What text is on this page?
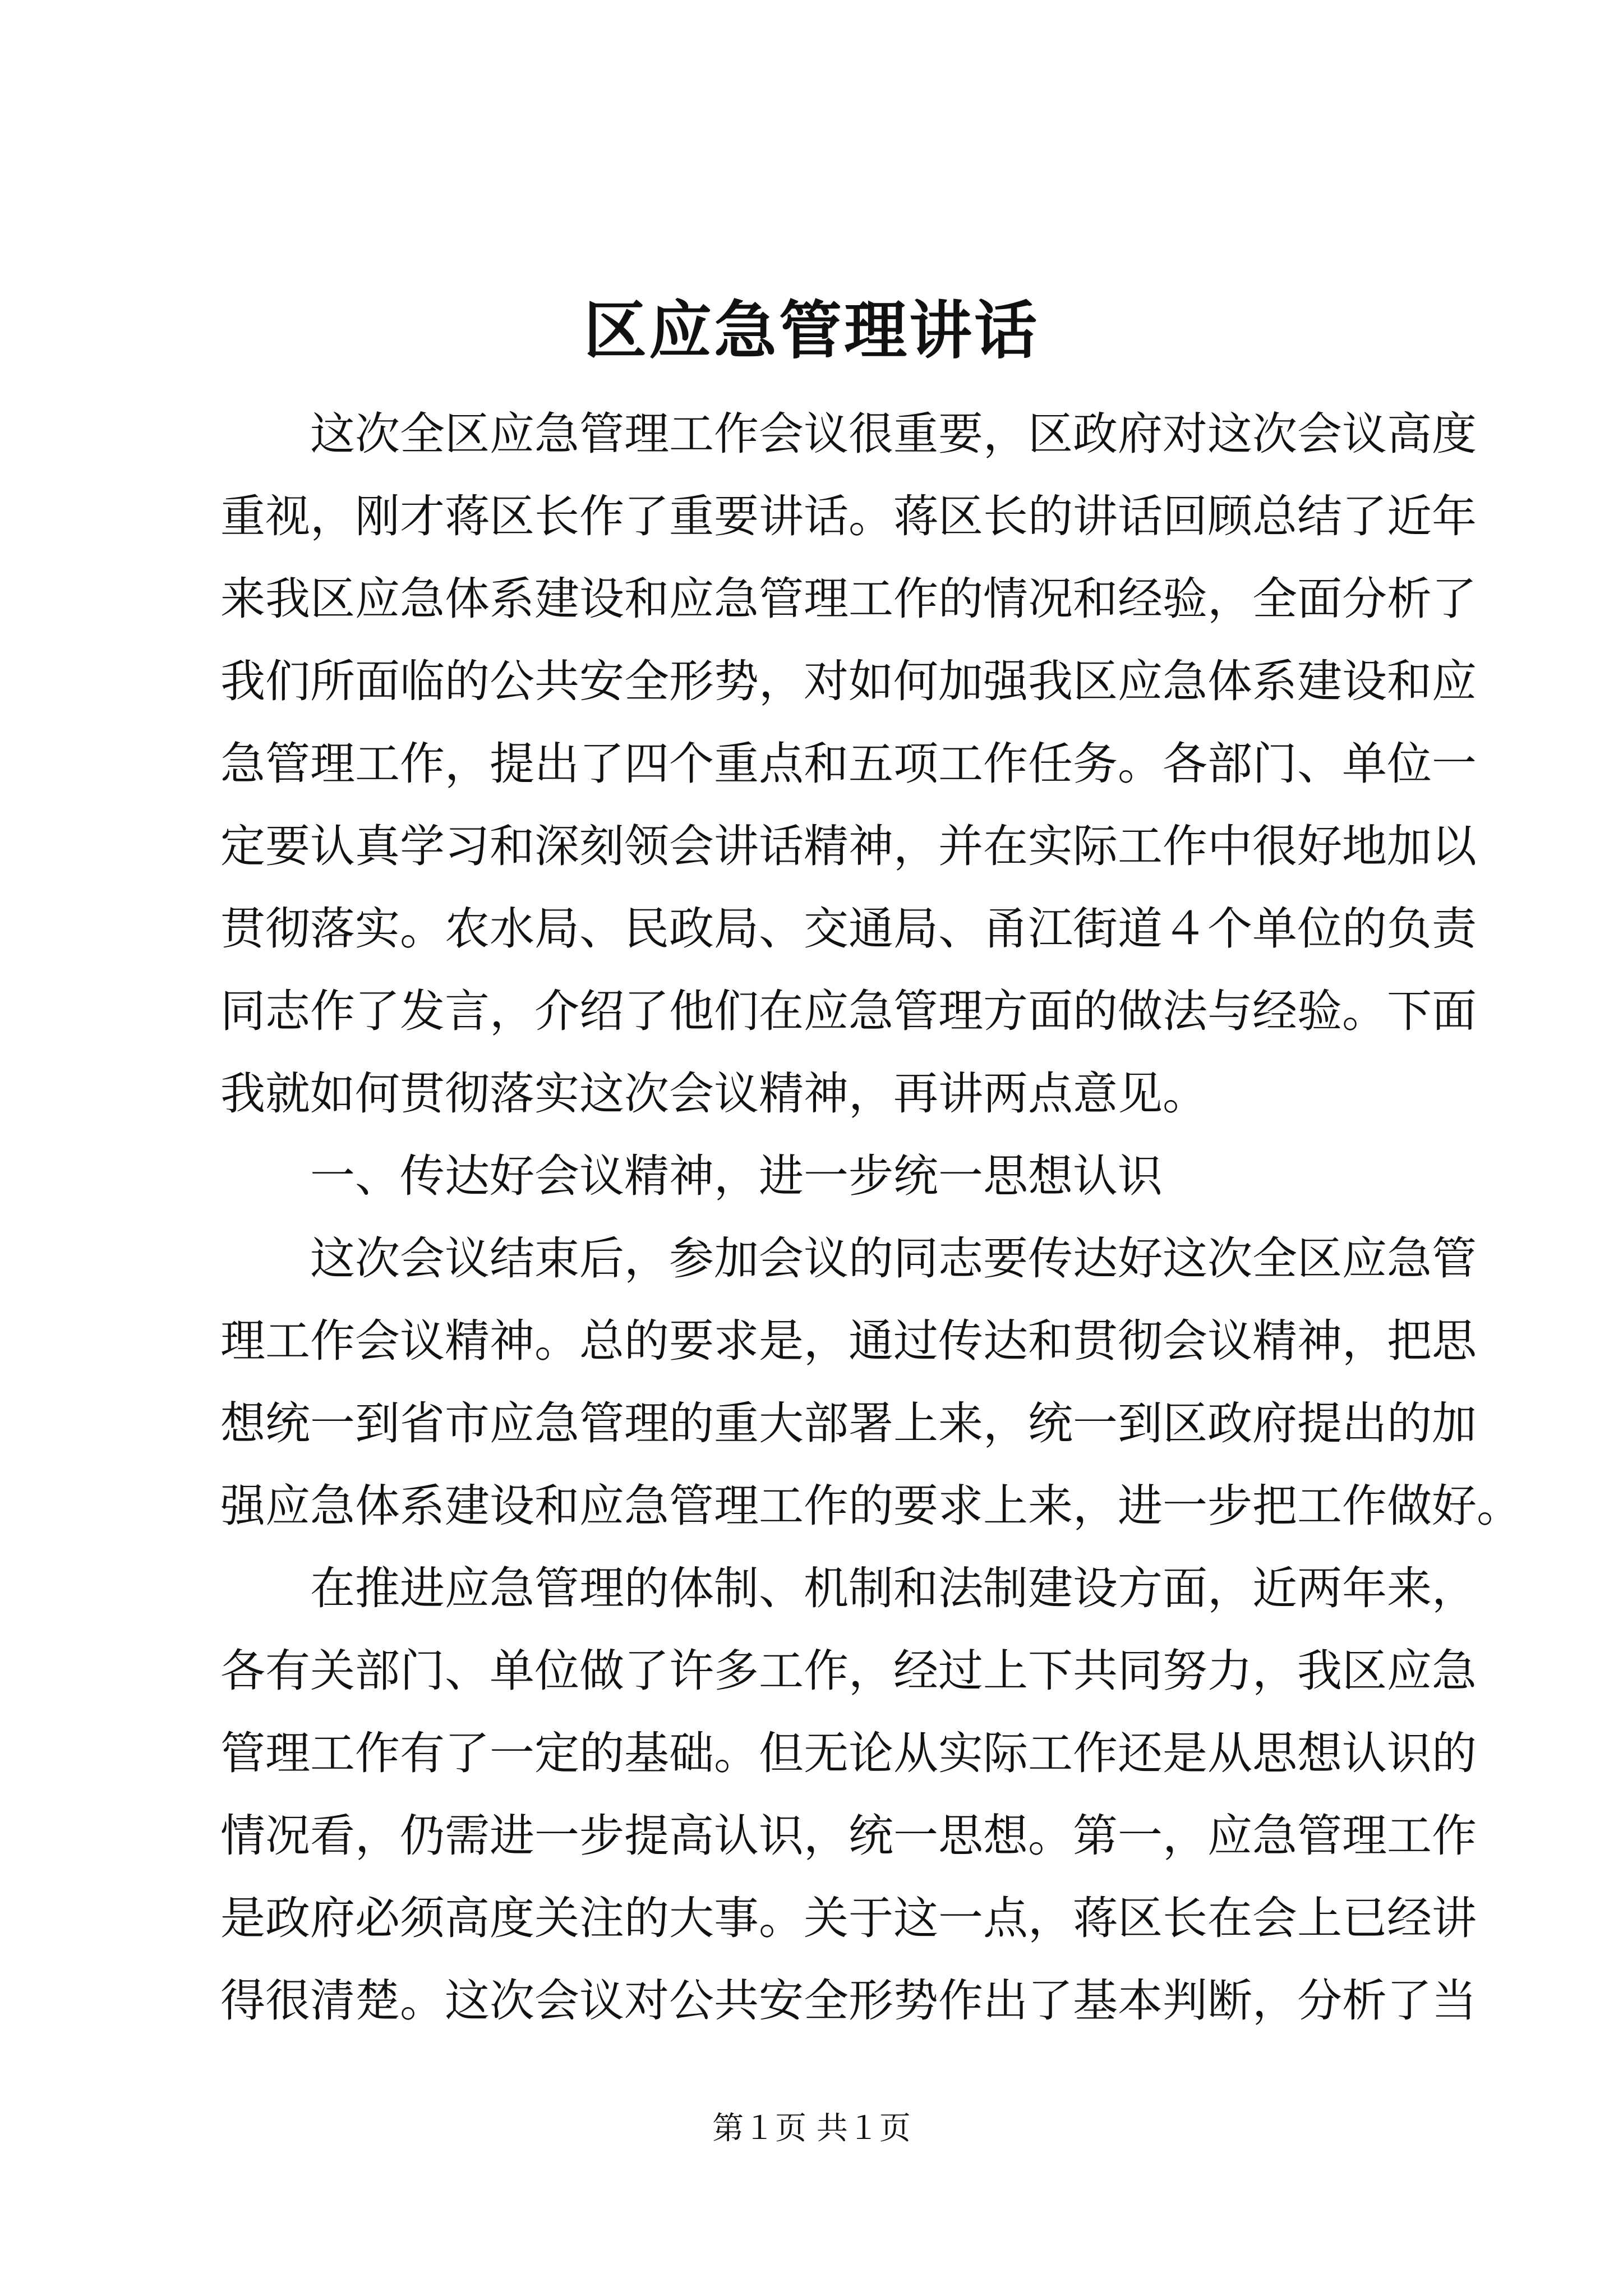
区应急管理讲话
这次全区应急管理工作会议很重要，区政府对这次会议高度
重视，刚才蒋区长作了重要讲话。蒋区长的讲话回顾总结了近年
来我区应急体系建设和应急管理工作的情况和经验，全面分析了
我们所面临的公共安全形势，对如何加强我区应急体系建设和应
急管理工作，提出了四个重点和五项工作任务。各部门、单位一
定要认真学习和深刻领会讲话精神，并在实际工作中很好地加以
贯彻落实。农水局、民政局、交通局、甬江街道４个单位的负责
同志作了发言，介绍了他们在应急管理方面的做法与经验。下面
我就如何贯彻落实这次会议精神，再讲两点意见。
一、传达好会议精神，进一步统一思想认识
这次会议结束后，参加会议的同志要传达好这次全区应急管
理工作会议精神。总的要求是，通过传达和贯彻会议精神，把思
想统一到省市应急管理的重大部署上来，统一到区政府提出的加
强应急体系建设和应急管理工作的要求上来，进一步把工作做好。
在推进应急管理的体制、机制和法制建设方面，近两年来，
各有关部门、单位做了许多工作，经过上下共同努力，我区应急
管理工作有了一定的基础。但无论从实际工作还是从思想认识的
情况看，仍需进一步提高认识，统一思想。第一，应急管理工作
是政府必须高度关注的大事。关于这一点，蒋区长在会上已经讲
得很清楚。这次会议对公共安全形势作出了基本判断，分析了当
第１页 共１页
